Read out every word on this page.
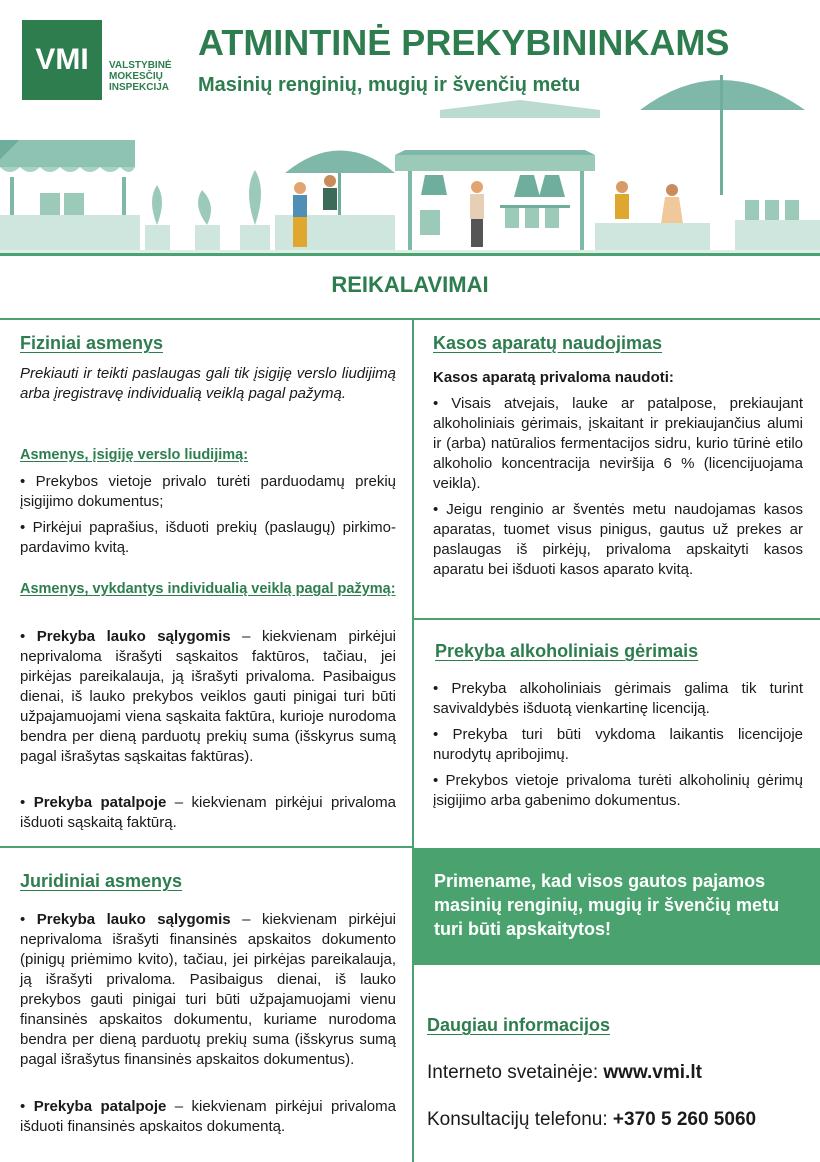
VMI	VALSTYBINĖ
MOKESČIŲ
INSPEKCIJA
ATMINTINĖ PREKYBININKAMS
Masinių renginių, mugių ir švenčių metu
REIKALAVIMAI
Fiziniai asmenys
Prekiauti ir teikti paslaugas gali tik įsigiję verslo liudijimą arba įregistravę individualią veiklą pagal pažymą.
Asmenys, įsigiję verslo liudijimą:
• Prekybos vietoje privalo turėti parduodamų prekių įsigijimo dokumentus;
• Pirkėjui paprašius, išduoti prekių (paslaugų) pirkimo-pardavimo kvitą.
Asmenys, vykdantys individualią veiklą pagal pažymą:
• Prekyba lauko sąlygomis – kiekvienam pirkėjui neprivaloma išrašyti sąskaitos faktūros, tačiau, jei pirkėjas pareikalauja, ją išrašyti privaloma. Pasibaigus dienai, iš lauko prekybos veiklos gauti pinigai turi būti užpajamuojami viena sąskaita faktūra, kurioje nurodoma bendra per dieną parduotų prekių suma (išskyrus sumą pagal išrašytas sąskaitas faktūras).
• Prekyba patalpoje – kiekvienam pirkėjui privaloma išduoti sąskaitą faktūrą.
Juridiniai asmenys
• Prekyba lauko sąlygomis – kiekvienam pirkėjui neprivaloma išrašyti finansinės apskaitos dokumento (pinigų priėmimo kvito), tačiau, jei pirkėjas pareikalauja, ją išrašyti privaloma. Pasibaigus dienai, iš lauko prekybos gauti pinigai turi būti užpajamuojami vienu finansinės apskaitos dokumentu, kuriame nurodoma bendra per dieną parduotų prekių suma (išskyrus sumą pagal išrašytus finansinės apskaitos dokumentus).
• Prekyba patalpoje – kiekvienam pirkėjui privaloma išduoti finansinės apskaitos dokumentą.
Kasos aparatų naudojimas
Kasos aparatą privaloma naudoti:
• Visais atvejais, lauke ar patalpose, prekiaujant alkoholiniais gėrimais, įskaitant ir prekiaujančius alumi ir (arba) natūralios fermentacijos sidru, kurio tūrinė etilo alkoholio koncentracija neviršija 6 % (licencijuojama veikla).
• Jeigu renginio ar šventės metu naudojamas kasos aparatas, tuomet visus pinigus, gautus už prekes ar paslaugas iš pirkėjų, privaloma apskaityti kasos aparatu bei išduoti kasos aparato kvitą.
Prekyba alkoholiniais gėrimais
• Prekyba alkoholiniais gėrimais galima tik turint savivaldybės išduotą vienkartinę licenciją.
• Prekyba turi būti vykdoma laikantis licencijoje nurodytų apribojimų.
• Prekybos vietoje privaloma turėti alkoholinių gėrimų įsigijimo arba gabenimo dokumentus.
Primename, kad visos gautos pajamos masinių renginių, mugių ir švenčių metu turi būti apskaitytos!
Daugiau informacijos
Interneto svetainėje: www.vmi.lt
Konsultacijų telefonu: +370 5 260 5060
